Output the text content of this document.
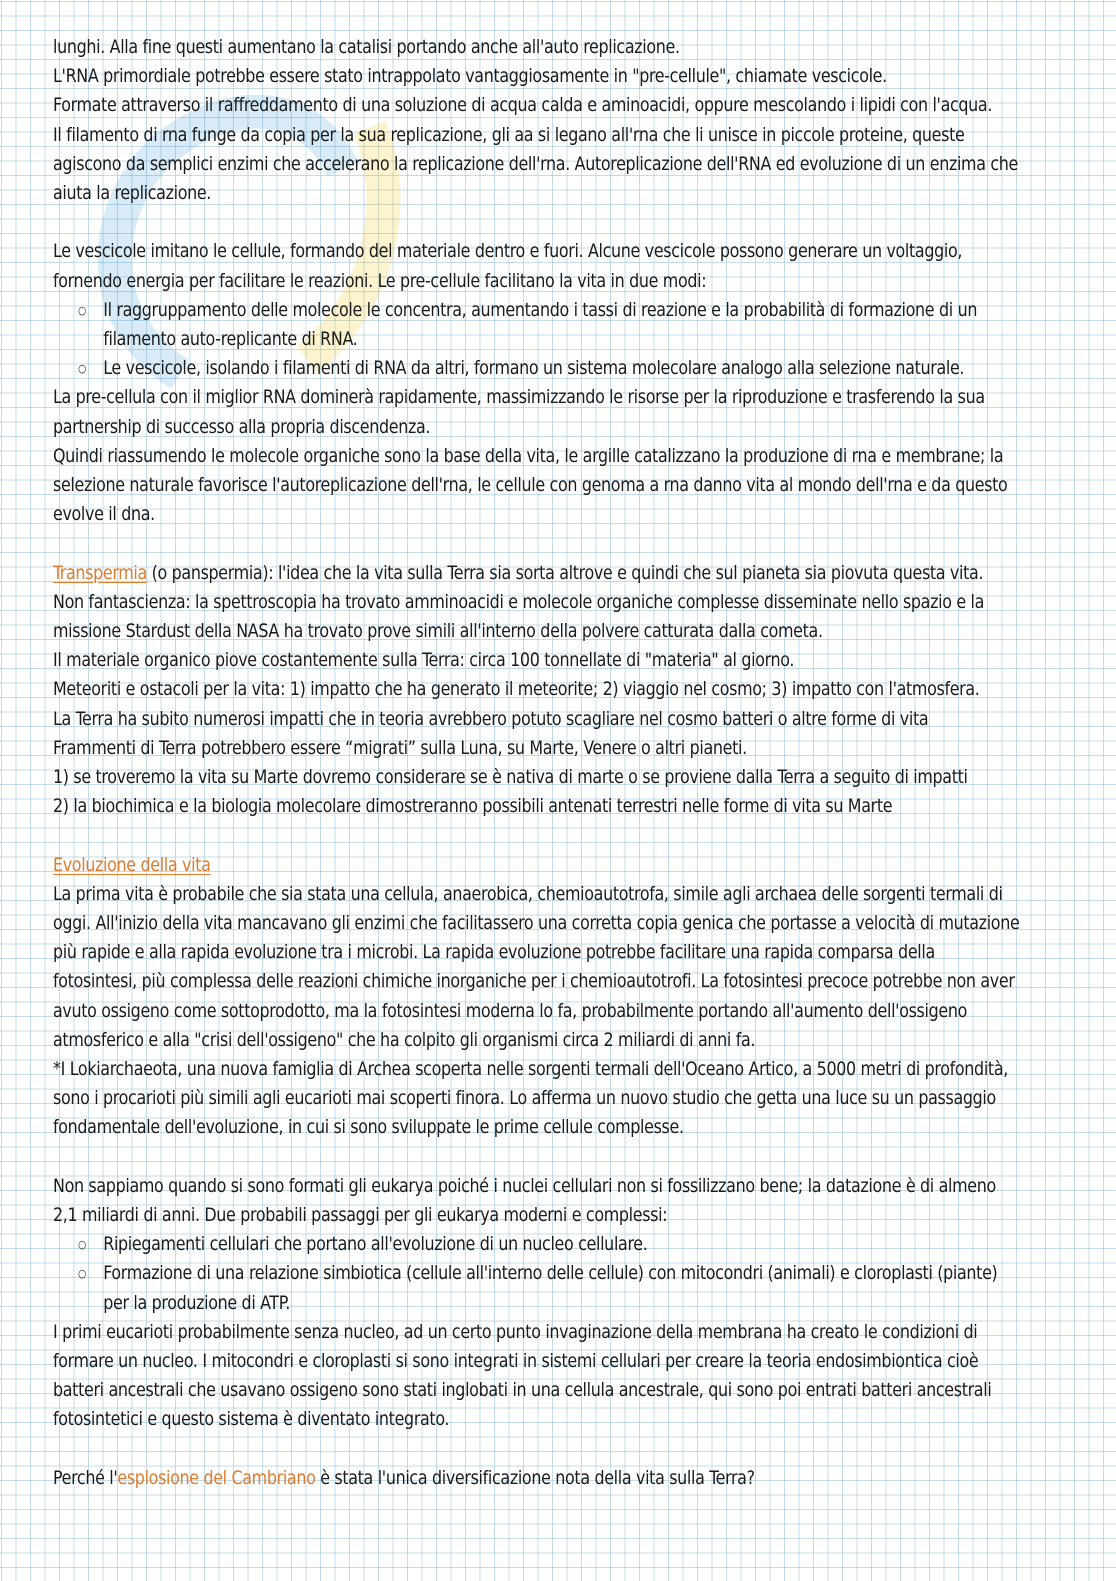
lunghi. Alla fine questi aumentano la catalisi portando anche all'auto replicazione.

L'RNA primordiale potrebbe essere stato intrappolato vantaggiosamente in "pre-cellule", chiamate vescicole.

Formate attraverso il raffreddamento di una soluzione di acqua calda e aminoacidi, oppure mescolando i lipidi con l'acqua.

Il filamento di rna funge da copia per la sua replicazione, gli aa si legano all'rna che li unisce in piccole proteine, queste agiscono da semplici enzimi che accelerano la replicazione dell'rna. Autoreplicazione dell'RNA ed evoluzione di un enzima che aiuta la replicazione.

Le vescicole imitano le cellule, formando del materiale dentro e fuori. Alcune vescicole possono generare un voltaggio, fornendo energia per facilitare le reazioni. Le pre-cellule facilitano la vita in due modi:

○ Il raggruppamento delle molecole le concentra, aumentando i tassi di reazione e la probabilità di formazione di un filamento auto-replicante di RNA.
○ Le vescicole, isolando i filamenti di RNA da altri, formano un sistema molecolare analogo alla selezione naturale.

La pre-cellula con il miglior RNA dominerà rapidamente, massimizzando le risorse per la riproduzione e trasferendo la sua partnership di successo alla propria discendenza.

Quindi riassumendo le molecole organiche sono la base della vita, le argille catalizzano la produzione di rna e membrane; la selezione naturale favorisce l'autoreplicazione dell'rna, le cellule con genoma a rna danno vita al mondo dell'rna e da questo evolve il dna.

Transpermia (o panspermia): l'idea che la vita sulla Terra sia sorta altrove e quindi che sul pianeta sia piovuta questa vita.

Non fantascienza: la spettroscopia ha trovato amminoacidi e molecole organiche complesse disseminate nello spazio e la missione Stardust della NASA ha trovato prove simili all'interno della polvere catturata dalla cometa.

Il materiale organico piove costantemente sulla Terra: circa 100 tonnellate di "materia" al giorno.

Meteoriti e ostacoli per la vita: 1) impatto che ha generato il meteorite; 2) viaggio nel cosmo; 3) impatto con l'atmosfera.

La Terra ha subito numerosi impatti che in teoria avrebbero potuto scagliare nel cosmo batteri o altre forme di vita

Frammenti di Terra potrebbero essere “migrati” sulla Luna, su Marte, Venere o altri pianeti.

1) se troveremo la vita su Marte dovremo considerare se è nativa di marte o se proviene dalla Terra a seguito di impatti

2) la biochimica e la biologia molecolare dimostreranno possibili antenati terrestri nelle forme di vita su Marte

Evoluzione della vita

La prima vita è probabile che sia stata una cellula, anaerobica, chemioautotrofa, simile agli archaea delle sorgenti termali di oggi. All'inizio della vita mancavano gli enzimi che facilitassero una corretta copia genica che portasse a velocità di mutazione più rapide e alla rapida evoluzione tra i microbi. La rapida evoluzione potrebbe facilitare una rapida comparsa della fotosintesi, più complessa delle reazioni chimiche inorganiche per i chemioautotrofi. La fotosintesi precoce potrebbe non aver avuto ossigeno come sottoprodotto, ma la fotosintesi moderna lo fa, probabilmente portando all'aumento dell'ossigeno atmosferico e alla "crisi dell'ossigeno" che ha colpito gli organismi circa 2 miliardi di anni fa.

*I Lokiarchaeota, una nuova famiglia di Archea scoperta nelle sorgenti termali dell'Oceano Artico, a 5000 metri di profondità, sono i procarioti più simili agli eucarioti mai scoperti finora. Lo afferma un nuovo studio che getta una luce su un passaggio fondamentale dell'evoluzione, in cui si sono sviluppate le prime cellule complesse.

Non sappiamo quando si sono formati gli eukarya poiché i nuclei cellulari non si fossilizzano bene; la datazione è di almeno 2,1 miliardi di anni. Due probabili passaggi per gli eukarya moderni e complessi:

○ Ripiegamenti cellulari che portano all'evoluzione di un nucleo cellulare.
○ Formazione di una relazione simbiotica (cellule all'interno delle cellule) con mitocondri (animali) e cloroplasti (piante) per la produzione di ATP.

I primi eucarioti probabilmente senza nucleo, ad un certo punto invaginazione della membrana ha creato le condizioni di formare un nucleo. I mitocondri e cloroplasti si sono integrati in sistemi cellulari per creare la teoria endosimbiontica cioè batteri ancestrali che usavano ossigeno sono stati inglobati in una cellula ancestrale, qui sono poi entrati batteri ancestrali fotosintetici e questo sistema è diventato integrato.

Perché l'esplosione del Cambriano è stata l'unica diversificazione nota della vita sulla Terra?
